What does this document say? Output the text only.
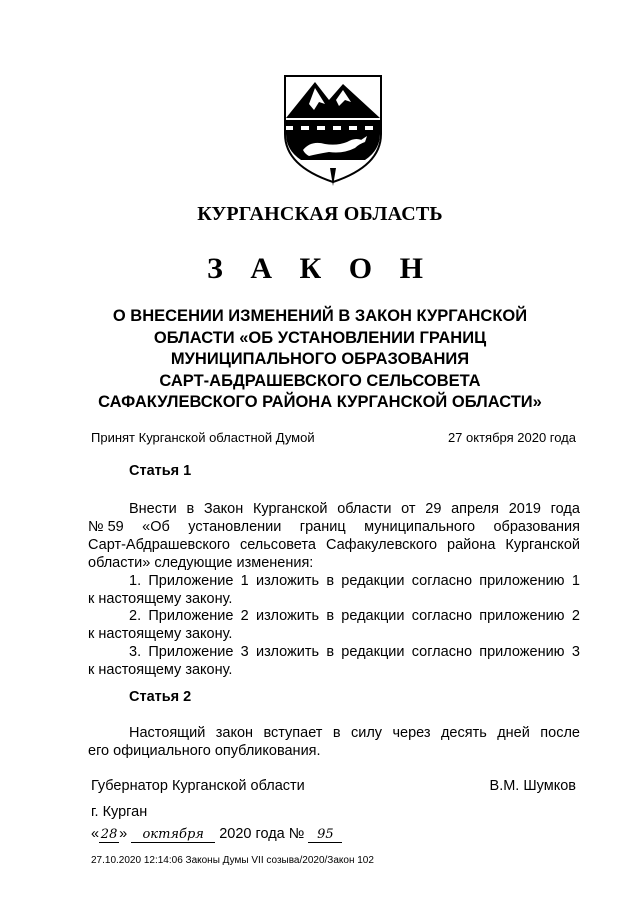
КУРГАНСКАЯ ОБЛАСТЬ
З А К О Н
О ВНЕСЕНИИ ИЗМЕНЕНИЙ В ЗАКОН КУРГАНСКОЙ
ОБЛАСТИ «ОБ УСТАНОВЛЕНИИ ГРАНИЦ
МУНИЦИПАЛЬНОГО ОБРАЗОВАНИЯ
САРТ-АБДРАШЕВСКОГО СЕЛЬСОВЕТА
САФАКУЛЕВСКОГО РАЙОНА КУРГАНСКОЙ ОБЛАСТИ»
Принят Курганской областной Думой	27 октября 2020 года
Статья 1
Внести в Закон Курганской области от 29 апреля 2019 года
№ 59 «Об установлении границ муниципального образования
Сарт-Абдрашевского сельсовета Сафакулевского района Курганской
области» следующие изменения:
1. Приложение 1 изложить в редакции согласно приложению 1
к настоящему закону.
2. Приложение 2 изложить в редакции согласно приложению 2
к настоящему закону.
3. Приложение 3 изложить в редакции согласно приложению 3
к настоящему закону.
Статья 2
Настоящий закон вступает в силу через десять дней после
его официального опубликования.
Губернатор Курганской области	В.М. Шумков
г. Курган
« 28 » октября 2020 года № 95
27.10.2020 12:14:06 Законы Думы VII созыва/2020/Закон 102
